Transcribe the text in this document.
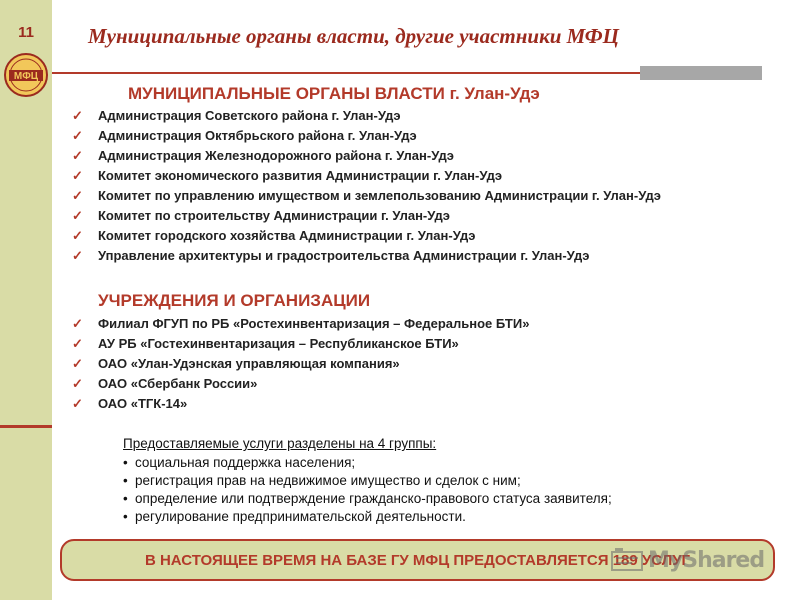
11
МФЦ
Муниципальные органы власти, другие участники МФЦ
МУНИЦИПАЛЬНЫЕ ОРГАНЫ ВЛАСТИ г. Улан-Удэ
✓ Администрация Советского района г. Улан-Удэ
✓ Администрация Октябрьского района г. Улан-Удэ
✓ Администрация Железнодорожного района г. Улан-Удэ
✓ Комитет экономического развития Администрации г. Улан-Удэ
✓ Комитет по управлению имуществом и землепользованию Администрации г. Улан-Удэ
✓ Комитет по строительству Администрации г. Улан-Удэ
✓ Комитет городского хозяйства Администрации г. Улан-Удэ
✓ Управление архитектуры и градостроительства Администрации г. Улан-Удэ
УЧРЕЖДЕНИЯ И ОРГАНИЗАЦИИ
✓ Филиал ФГУП по РБ «Ростехинвентаризация – Федеральное БТИ»
✓ АУ РБ «Гостехинвентаризация – Республиканское БТИ»
✓ ОАО «Улан-Удэнская управляющая компания»
✓ ОАО «Сбербанк России»
✓ ОАО «ТГК-14»
Предоставляемые услуги разделены на 4 группы:
• социальная поддержка населения;
• регистрация прав на недвижимое имущество и сделок с ним;
• определение или подтверждение гражданско-правового статуса заявителя;
• регулирование предпринимательской деятельности.
В НАСТОЯЩЕЕ ВРЕМЯ НА БАЗЕ ГУ МФЦ ПРЕДОСТАВЛЯЕТСЯ 189 УСЛУГ
MyShared
